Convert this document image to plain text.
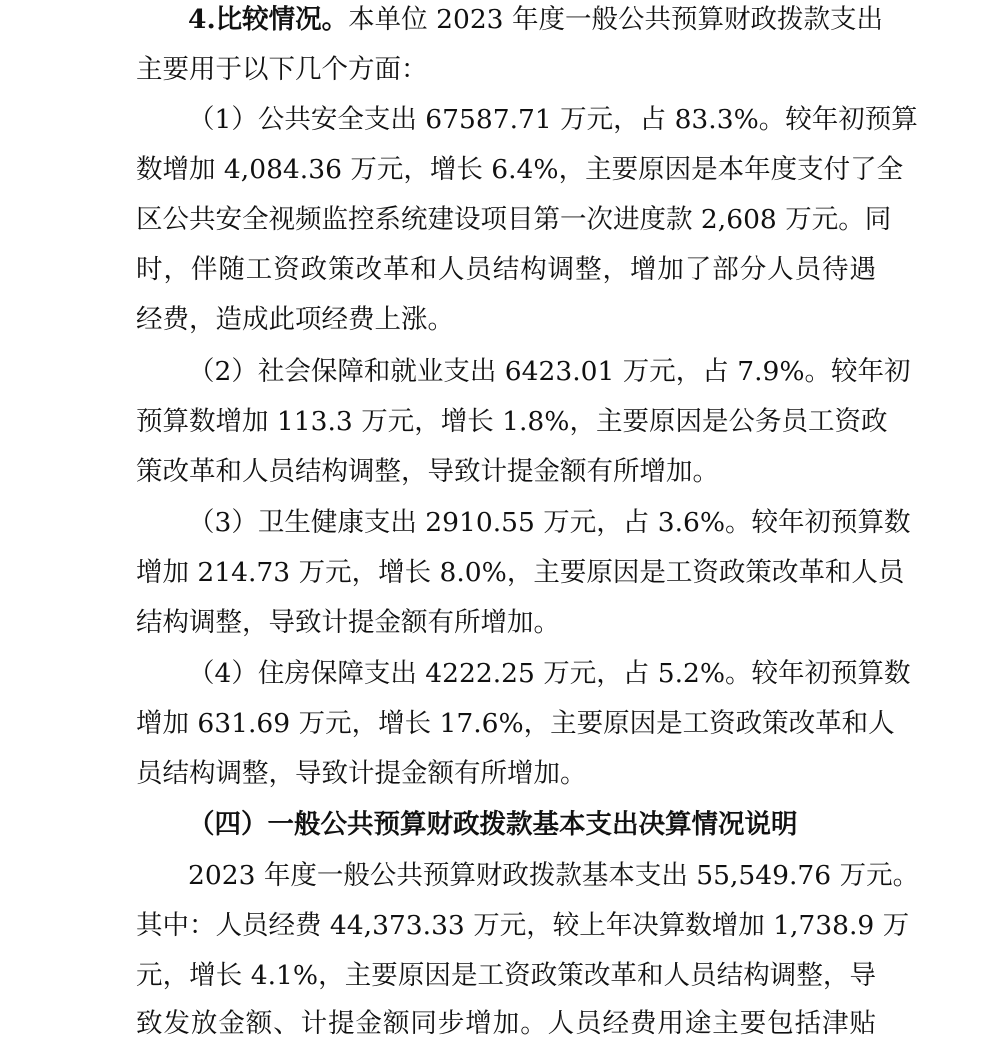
4.比较情况。本单位 2023 年度一般公共预算财政拨款支出
主要用于以下几个方面：
（1）公共安全支出 67587.71 万元，占 83.3%。较年初预算
数增加 4,084.36 万元，增长 6.4%，主要原因是本年度支付了全
区公共安全视频监控系统建设项目第一次进度款 2,608 万元。同
时，伴随工资政策改革和人员结构调整，增加了部分人员待遇
经费，造成此项经费上涨。
（2）社会保障和就业支出 6423.01 万元，占 7.9%。较年初
预算数增加 113.3 万元，增长 1.8%，主要原因是公务员工资政
策改革和人员结构调整，导致计提金额有所增加。
（3）卫生健康支出 2910.55 万元，占 3.6%。较年初预算数
增加 214.73 万元，增长 8.0%，主要原因是工资政策改革和人员
结构调整，导致计提金额有所增加。
（4）住房保障支出 4222.25 万元，占 5.2%。较年初预算数
增加 631.69 万元，增长 17.6%，主要原因是工资政策改革和人
员结构调整，导致计提金额有所增加。
（四）一般公共预算财政拨款基本支出决算情况说明
2023 年度一般公共预算财政拨款基本支出 55,549.76 万元。
其中：人员经费 44,373.33 万元，较上年决算数增加 1,738.9 万
元，增长 4.1%，主要原因是工资政策改革和人员结构调整，导
致发放金额、计提金额同步增加。人员经费用途主要包括津贴
